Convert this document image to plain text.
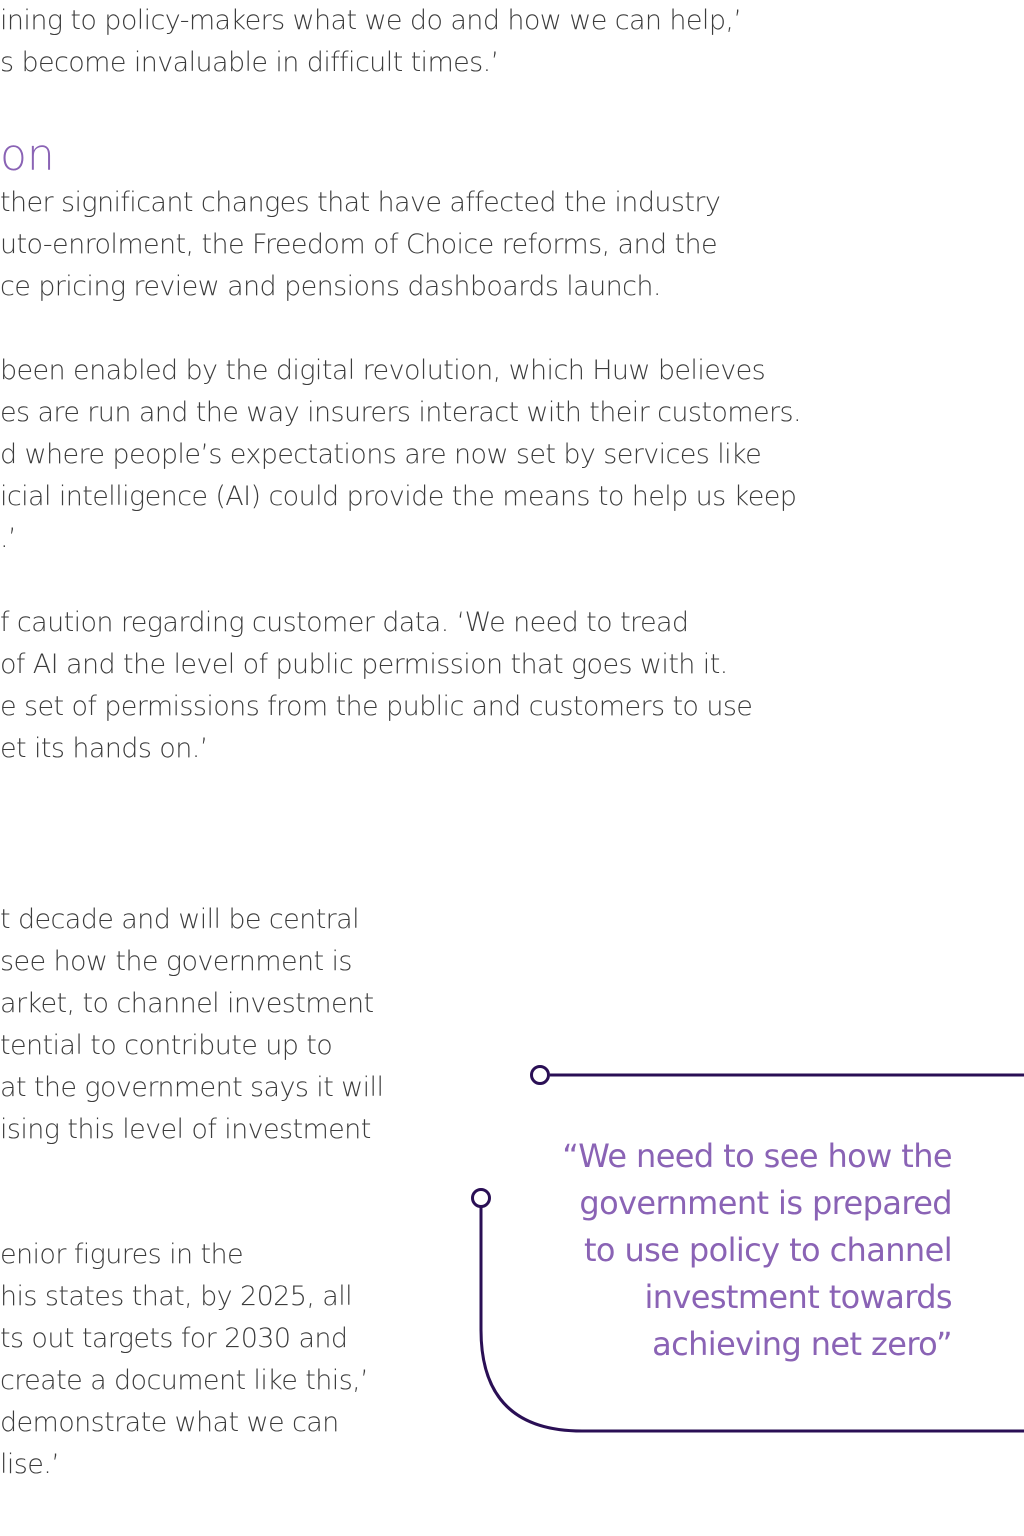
ining to policy-makers what we do and how we can help,’
s become invaluable in difficult times.’
on
ther significant changes that have affected the industry
uto-enrolment, the Freedom of Choice reforms, and the
ce pricing review and pensions dashboards launch.
been enabled by the digital revolution, which Huw believes
es are run and the way insurers interact with their customers.
d where people’s expectations are now set by services like
icial intelligence (AI) could provide the means to help us keep
.’
f caution regarding customer data. ‘We need to tread
of AI and the level of public permission that goes with it.
e set of permissions from the public and customers to use
et its hands on.’
t decade and will be central
see how the government is
arket, to channel investment
tential to contribute up to
at the government says it will
ising this level of investment
enior figures in the
his states that, by 2025, all
ts out targets for 2030 and
create a document like this,’
demonstrate what we can
lise.’
“We need to see how the
government is prepared
to use policy to channel
investment towards
achieving net zero”
